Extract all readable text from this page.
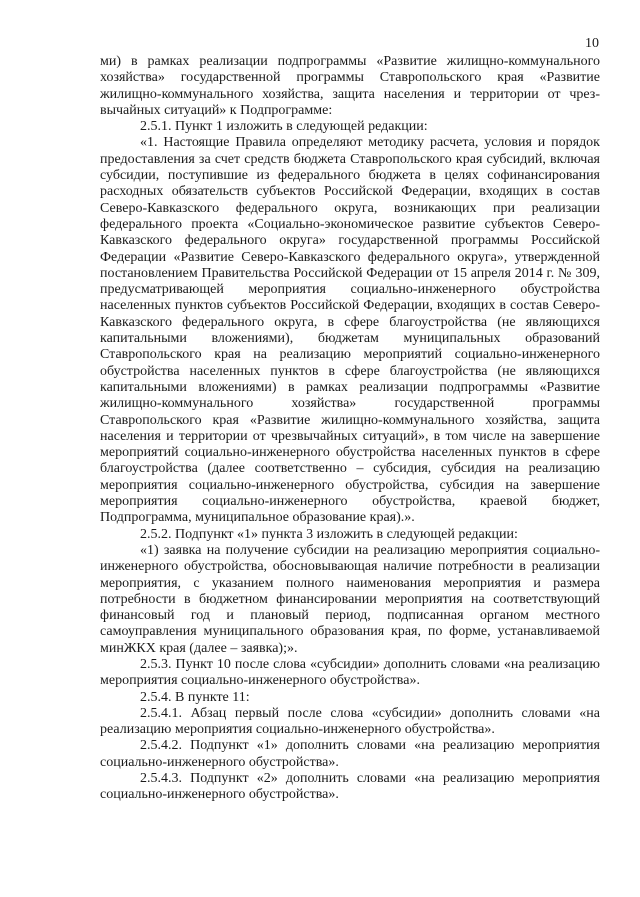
10

ми) в рамках реализации подпрограммы «Развитие жилищно-коммунального хозяйства» государственной программы Ставропольского края «Развитие жилищно-коммунального хозяйства, защита населения и территории от чрез-вычайных ситуаций» к Подпрограмме:

2.5.1. Пункт 1 изложить в следующей редакции:

«1. Настоящие Правила определяют методику расчета, условия и порядок предоставления за счет средств бюджета Ставропольского края субсидий, включая субсидии, поступившие из федерального бюджета в целях софинансирования расходных обязательств субъектов Российской Федерации, входящих в состав Северо-Кавказского федерального округа, возникающих при реализации федерального проекта «Социально-экономическое развитие субъектов Северо-Кавказского федерального округа» государственной программы Российской Федерации «Развитие Северо-Кавказского федерального округа», утвержденной постановлением Правительства Российской Федерации от 15 апреля 2014 г. № 309, предусматривающей мероприятия социально-инженерного обустройства населенных пунктов субъектов Российской Федерации, входящих в состав Северо-Кавказского федерального округа, в сфере благоустройства (не являющихся капитальными вложениями), бюджетам муниципальных образований Ставропольского края на реализацию мероприятий социально-инженерного обустройства населенных пунктов в сфере благоустройства (не являющихся капитальными вложениями) в рамках реализации подпрограммы «Развитие жилищно-коммунального хозяйства» государственной программы Ставропольского края «Развитие жилищно-коммунального хозяйства, защита населения и территории от чрезвычайных ситуаций», в том числе на завершение мероприятий социально-инженерного обустройства населенных пунктов в сфере благоустройства (далее соответственно – субсидия, субсидия на реализацию мероприятия социально-инженерного обустройства, субсидия на завершение мероприятия социально-инженерного обустройства, краевой бюджет, Подпрограмма, муниципальное образование края).».

2.5.2. Подпункт «1» пункта 3 изложить в следующей редакции:

«1) заявка на получение субсидии на реализацию мероприятия социально-инженерного обустройства, обосновывающая наличие потребности в реализации мероприятия, с указанием полного наименования мероприятия и размера потребности в бюджетном финансировании мероприятия на соответствующий финансовый год и плановый период, подписанная органом местного самоуправления муниципального образования края, по форме, устанавливаемой минЖКХ края (далее – заявка);».

2.5.3. Пункт 10 после слова «субсидии» дополнить словами «на реализацию мероприятия социально-инженерного обустройства».

2.5.4. В пункте 11:

2.5.4.1. Абзац первый после слова «субсидии» дополнить словами «на реализацию мероприятия социально-инженерного обустройства».

2.5.4.2. Подпункт «1» дополнить словами «на реализацию мероприятия социально-инженерного обустройства».

2.5.4.3. Подпункт «2» дополнить словами «на реализацию мероприятия социально-инженерного обустройства».
